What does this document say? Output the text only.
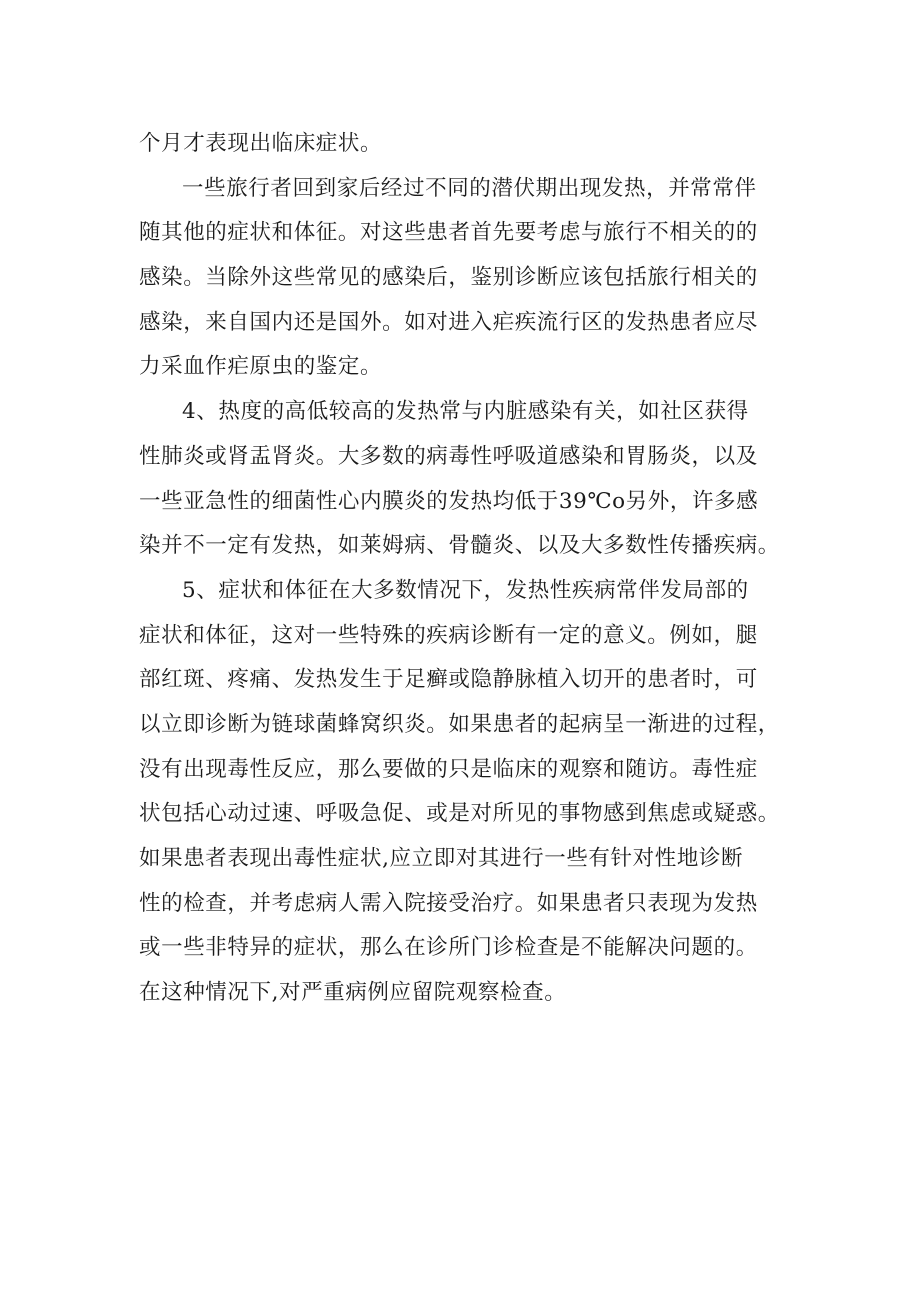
个月才表现出临床症状。
一些旅行者回到家后经过不同的潜伏期出现发热，并常常伴
随其他的症状和体征。对这些患者首先要考虑与旅行不相关的的
感染。当除外这些常见的感染后，鉴别诊断应该包括旅行相关的
感染，来自国内还是国外。如对进入疟疾流行区的发热患者应尽
力采血作疟原虫的鉴定。
4、热度的高低较高的发热常与内脏感染有关，如社区获得
性肺炎或肾盂肾炎。大多数的病毒性呼吸道感染和胃肠炎，以及
一些亚急性的细菌性心内膜炎的发热均低于39℃o另外，许多感
染并不一定有发热，如莱姆病、骨髓炎、以及大多数性传播疾病。
5、症状和体征在大多数情况下，发热性疾病常伴发局部的
症状和体征，这对一些特殊的疾病诊断有一定的意义。例如，腿
部红斑、疼痛、发热发生于足癣或隐静脉植入切开的患者时，可
以立即诊断为链球菌蜂窝织炎。如果患者的起病呈一渐进的过程，
没有出现毒性反应，那么要做的只是临床的观察和随访。毒性症
状包括心动过速、呼吸急促、或是对所见的事物感到焦虑或疑惑。
如果患者表现出毒性症状,应立即对其进行一些有针对性地诊断
性的检查，并考虑病人需入院接受治疗。如果患者只表现为发热
或一些非特异的症状，那么在诊所门诊检查是不能解决问题的。
在这种情况下,对严重病例应留院观察检查。
